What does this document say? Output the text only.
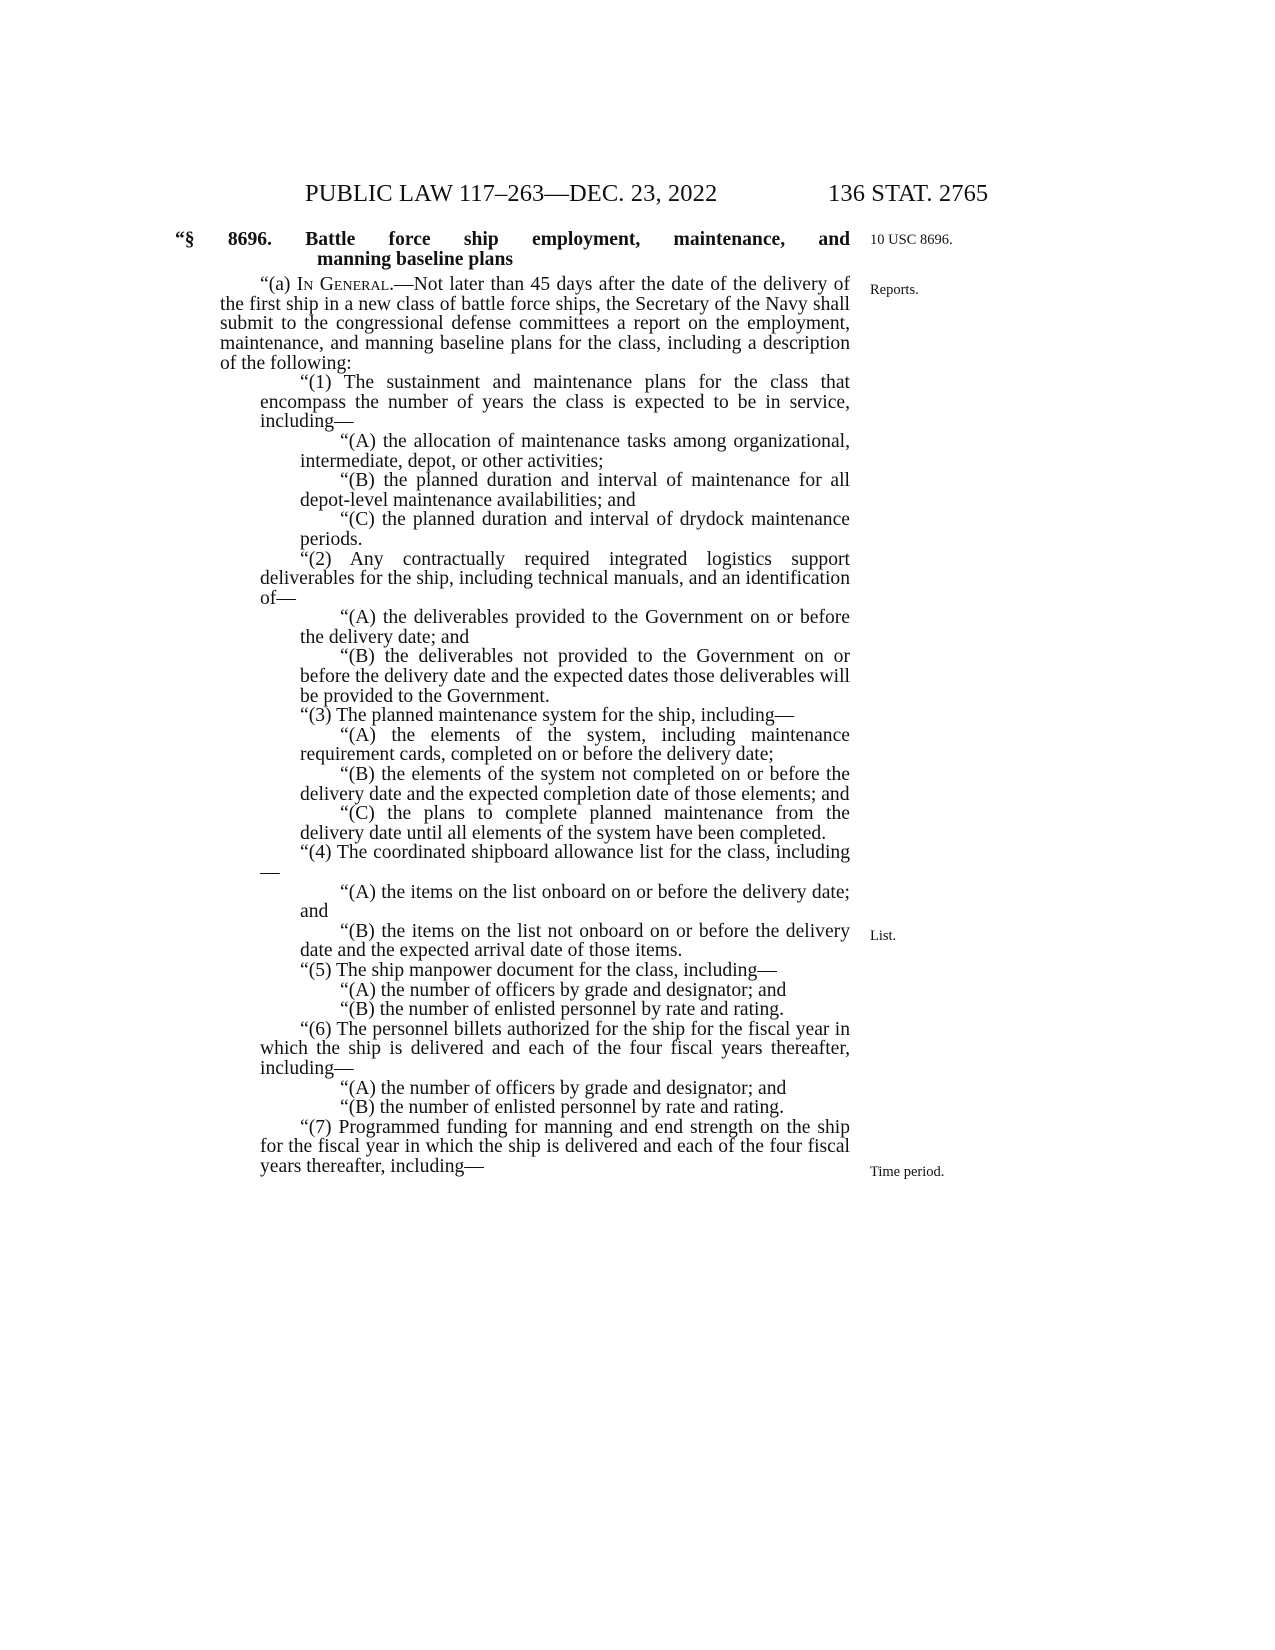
PUBLIC LAW 117–263—DEC. 23, 2022	136 STAT. 2765
10 USC 8696.
Reports.
List.
Time period.
“§ 8696. Battle force ship employment, maintenance, and
manning baseline plans

“(a) In General.—Not later than 45 days after the date of the delivery of the first ship in a new class of battle force ships, the Secretary of the Navy shall submit to the congressional defense committees a report on the employment, maintenance, and manning baseline plans for the class, including a description of the following:

“(1) The sustainment and maintenance plans for the class that encompass the number of years the class is expected to be in service, including—

“(A) the allocation of maintenance tasks among organizational, intermediate, depot, or other activities;

“(B) the planned duration and interval of maintenance for all depot-level maintenance availabilities; and

“(C) the planned duration and interval of drydock maintenance periods.

“(2) Any contractually required integrated logistics support deliverables for the ship, including technical manuals, and an identification of—

“(A) the deliverables provided to the Government on or before the delivery date; and

“(B) the deliverables not provided to the Government on or before the delivery date and the expected dates those deliverables will be provided to the Government.

“(3) The planned maintenance system for the ship, including—

“(A) the elements of the system, including maintenance requirement cards, completed on or before the delivery date;

“(B) the elements of the system not completed on or before the delivery date and the expected completion date of those elements; and

“(C) the plans to complete planned maintenance from the delivery date until all elements of the system have been completed.

“(4) The coordinated shipboard allowance list for the class, including—

“(A) the items on the list onboard on or before the delivery date; and

“(B) the items on the list not onboard on or before the delivery date and the expected arrival date of those items.

“(5) The ship manpower document for the class, including—

“(A) the number of officers by grade and designator; and

“(B) the number of enlisted personnel by rate and rating.

“(6) The personnel billets authorized for the ship for the fiscal year in which the ship is delivered and each of the four fiscal years thereafter, including—

“(A) the number of officers by grade and designator; and

“(B) the number of enlisted personnel by rate and rating.

“(7) Programmed funding for manning and end strength on the ship for the fiscal year in which the ship is delivered and each of the four fiscal years thereafter, including—
